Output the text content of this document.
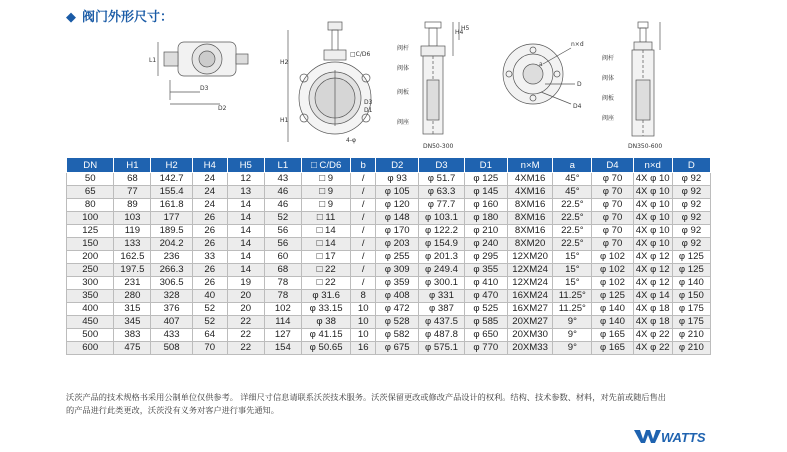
◆ 阀门外形尺寸：
L1
D3
D2
H2
H1
□C/D6
D3
D1
4-φ
H4
H5
阀杆
阀体
阀板
阀座
DN50-300
n×d
D
D4
a
阀杆
阀体
阀板
阀座
DN350-600
DN	H1	H2	H4	H5	L1	□ C/D6	b	D2	D3	D1	n×M	a	D4	n×d	D
50	68	142.7	24	12	43	□ 9	/	φ 93	φ 51.7	φ 125	4XM16	45°	φ 70	4X φ 10	φ 92
65	77	155.4	24	13	46	□ 9	/	φ 105	φ 63.3	φ 145	4XM16	45°	φ 70	4X φ 10	φ 92
80	89	161.8	24	14	46	□ 9	/	φ 120	φ 77.7	φ 160	8XM16	22.5°	φ 70	4X φ 10	φ 92
100	103	177	26	14	52	□ 11	/	φ 148	φ 103.1	φ 180	8XM16	22.5°	φ 70	4X φ 10	φ 92
125	119	189.5	26	14	56	□ 14	/	φ 170	φ 122.2	φ 210	8XM16	22.5°	φ 70	4X φ 10	φ 92
150	133	204.2	26	14	56	□ 14	/	φ 203	φ 154.9	φ 240	8XM20	22.5°	φ 70	4X φ 10	φ 92
200	162.5	236	33	14	60	□ 17	/	φ 255	φ 201.3	φ 295	12XM20	15°	φ 102	4X φ 12	φ 125
250	197.5	266.3	26	14	68	□ 22	/	φ 309	φ 249.4	φ 355	12XM24	15°	φ 102	4X φ 12	φ 125
300	231	306.5	26	19	78	□ 22	/	φ 359	φ 300.1	φ 410	12XM24	15°	φ 102	4X φ 12	φ 140
350	280	328	40	20	78	φ 31.6	8	φ 408	φ 331	φ 470	16XM24	11.25°	φ 125	4X φ 14	φ 150
400	315	376	52	20	102	φ 33.15	10	φ 472	φ 387	φ 525	16XM27	11.25°	φ 140	4X φ 18	φ 175
450	345	407	52	22	114	φ 38	10	φ 528	φ 437.5	φ 585	20XM27	9°	φ 140	4X φ 18	φ 175
500	383	433	64	22	127	φ 41.15	10	φ 582	φ 487.8	φ 650	20XM30	9°	φ 165	4X φ 22	φ 210
600	475	508	70	22	154	φ 50.65	16	φ 675	φ 575.1	φ 770	20XM33	9°	φ 165	4X φ 22	φ 210
沃茨产品的技术规格书采用公制单位仅供参考。 详细尺寸信息请联系沃茨技术服务。沃茨保留更改或修改产品设计的权利。结构、技术参数、材料，对先前或随后售出
的产品进行此类更改，沃茨没有义务对客户进行事先通知。
WATTS
